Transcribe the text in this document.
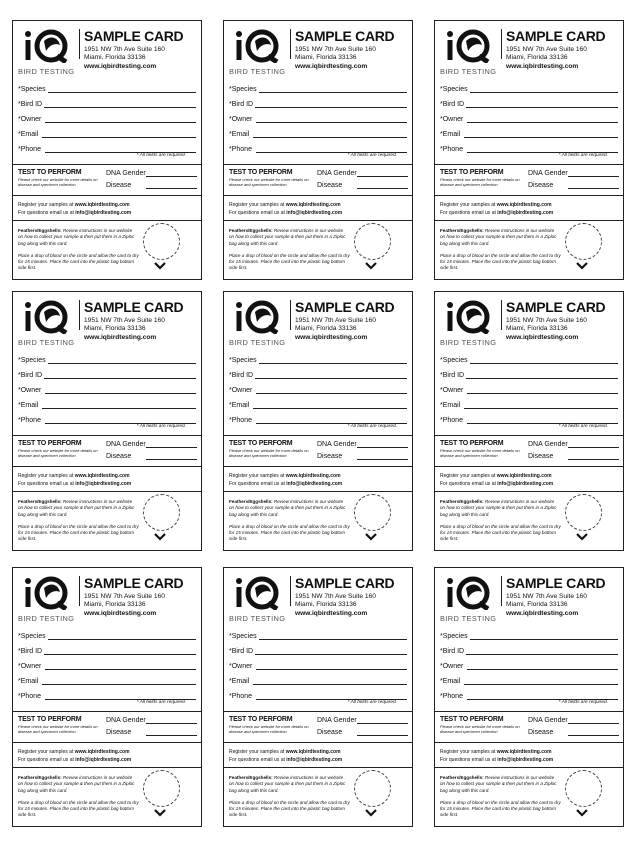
BIRD TESTING
SAMPLE CARD
1951 NW 7th Ave Suite 160
Miami, Florida 33136
www.iqbirdtesting.com
*Species
*Bird ID
*Owner
*Email
*Phone
* All fields are required.
TEST TO PERFORM
Please check our website for more details on disease and specimen collection
DNA Gender
Disease
Register your samples at www.iqbirdtesting.com
For questions email us at info@iqbirdtesting.com
Feathers/Eggshells: Review instructions in our website on how to collect your sample & then put them in a Ziploc bag along with this card.
Place a drop of blood on the circle and allow the card to dry for 15 minutes. Place the card into the plastic bag bottom side first.
BIRD TESTING
SAMPLE CARD
1951 NW 7th Ave Suite 160
Miami, Florida 33136
www.iqbirdtesting.com
*Species
*Bird ID
*Owner
*Email
*Phone
* All fields are required.
TEST TO PERFORM
Please check our website for more details on disease and specimen collection
DNA Gender
Disease
Register your samples at www.iqbirdtesting.com
For questions email us at info@iqbirdtesting.com
Feathers/Eggshells: Review instructions in our website on how to collect your sample & then put them in a Ziploc bag along with this card.
Place a drop of blood on the circle and allow the card to dry for 15 minutes. Place the card into the plastic bag bottom side first.
BIRD TESTING
SAMPLE CARD
1951 NW 7th Ave Suite 160
Miami, Florida 33136
www.iqbirdtesting.com
*Species
*Bird ID
*Owner
*Email
*Phone
* All fields are required.
TEST TO PERFORM
Please check our website for more details on disease and specimen collection
DNA Gender
Disease
Register your samples at www.iqbirdtesting.com
For questions email us at info@iqbirdtesting.com
Feathers/Eggshells: Review instructions in our website on how to collect your sample & then put them in a Ziploc bag along with this card.
Place a drop of blood on the circle and allow the card to dry for 15 minutes. Place the card into the plastic bag bottom side first.
BIRD TESTING
SAMPLE CARD
1951 NW 7th Ave Suite 160
Miami, Florida 33136
www.iqbirdtesting.com
*Species
*Bird ID
*Owner
*Email
*Phone
* All fields are required.
TEST TO PERFORM
Please check our website for more details on disease and specimen collection
DNA Gender
Disease
Register your samples at www.iqbirdtesting.com
For questions email us at info@iqbirdtesting.com
Feathers/Eggshells: Review instructions in our website on how to collect your sample & then put them in a Ziploc bag along with this card.
Place a drop of blood on the circle and allow the card to dry for 15 minutes. Place the card into the plastic bag bottom side first.
BIRD TESTING
SAMPLE CARD
1951 NW 7th Ave Suite 160
Miami, Florida 33136
www.iqbirdtesting.com
*Species
*Bird ID
*Owner
*Email
*Phone
* All fields are required.
TEST TO PERFORM
Please check our website for more details on disease and specimen collection
DNA Gender
Disease
Register your samples at www.iqbirdtesting.com
For questions email us at info@iqbirdtesting.com
Feathers/Eggshells: Review instructions in our website on how to collect your sample & then put them in a Ziploc bag along with this card.
Place a drop of blood on the circle and allow the card to dry for 15 minutes. Place the card into the plastic bag bottom side first.
BIRD TESTING
SAMPLE CARD
1951 NW 7th Ave Suite 160
Miami, Florida 33136
www.iqbirdtesting.com
*Species
*Bird ID
*Owner
*Email
*Phone
* All fields are required.
TEST TO PERFORM
Please check our website for more details on disease and specimen collection
DNA Gender
Disease
Register your samples at www.iqbirdtesting.com
For questions email us at info@iqbirdtesting.com
Feathers/Eggshells: Review instructions in our website on how to collect your sample & then put them in a Ziploc bag along with this card.
Place a drop of blood on the circle and allow the card to dry for 15 minutes. Place the card into the plastic bag bottom side first.
BIRD TESTING
SAMPLE CARD
1951 NW 7th Ave Suite 160
Miami, Florida 33136
www.iqbirdtesting.com
*Species
*Bird ID
*Owner
*Email
*Phone
* All fields are required.
TEST TO PERFORM
Please check our website for more details on disease and specimen collection
DNA Gender
Disease
Register your samples at www.iqbirdtesting.com
For questions email us at info@iqbirdtesting.com
Feathers/Eggshells: Review instructions in our website on how to collect your sample & then put them in a Ziploc bag along with this card.
Place a drop of blood on the circle and allow the card to dry for 15 minutes. Place the card into the plastic bag bottom side first.
BIRD TESTING
SAMPLE CARD
1951 NW 7th Ave Suite 160
Miami, Florida 33136
www.iqbirdtesting.com
*Species
*Bird ID
*Owner
*Email
*Phone
* All fields are required.
TEST TO PERFORM
Please check our website for more details on disease and specimen collection
DNA Gender
Disease
Register your samples at www.iqbirdtesting.com
For questions email us at info@iqbirdtesting.com
Feathers/Eggshells: Review instructions in our website on how to collect your sample & then put them in a Ziploc bag along with this card.
Place a drop of blood on the circle and allow the card to dry for 15 minutes. Place the card into the plastic bag bottom side first.
BIRD TESTING
SAMPLE CARD
1951 NW 7th Ave Suite 160
Miami, Florida 33136
www.iqbirdtesting.com
*Species
*Bird ID
*Owner
*Email
*Phone
* All fields are required.
TEST TO PERFORM
Please check our website for more details on disease and specimen collection
DNA Gender
Disease
Register your samples at www.iqbirdtesting.com
For questions email us at info@iqbirdtesting.com
Feathers/Eggshells: Review instructions in our website on how to collect your sample & then put them in a Ziploc bag along with this card.
Place a drop of blood on the circle and allow the card to dry for 15 minutes. Place the card into the plastic bag bottom side first.
